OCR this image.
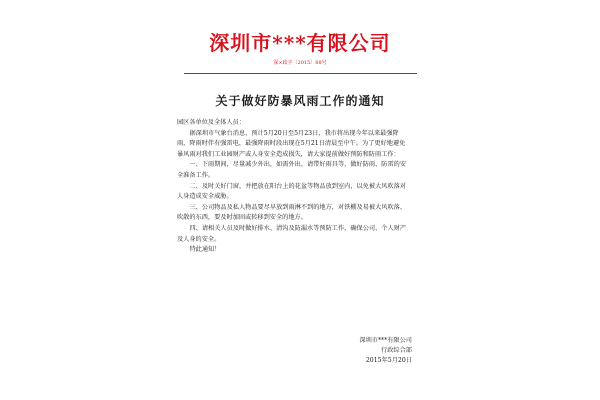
深圳市***有限公司
深×政字〔2015〕88号
关于做好防暴风雨工作的通知

园区各单位及全体人员：

据深圳市气象台消息，预计5月20日至5月23日，我市将出现今年以来最强降雨，降雨时伴有强雷电，最强降雨时段出现在5月21日清晨至中午。为了更好地避免暴风雨对我们工业园财产或人身安全造成损失，请大家提前做好预防和防雨工作：

一、下雨期间，尽量减少外出，如需外出，请带好雨具等，做好防雨、防雷的安全准备工作。

二、及时关好门窗，并把放在阳台上的花盆等物品放到室内，以免被大风吹落对人身造成安全威胁。

三、公司物品及私人物品要尽早放到雨淋不到的地方，对铁棚及易被大风吹落、吹散的东西，要及时加固或转移到安全的地方。

四、请相关人员及时做好排水、清沟及防漏水等预防工作，确保公司、个人财产及人身的安全。

特此通知！

深圳市***有限公司
行政综合部
2015年5月20日
